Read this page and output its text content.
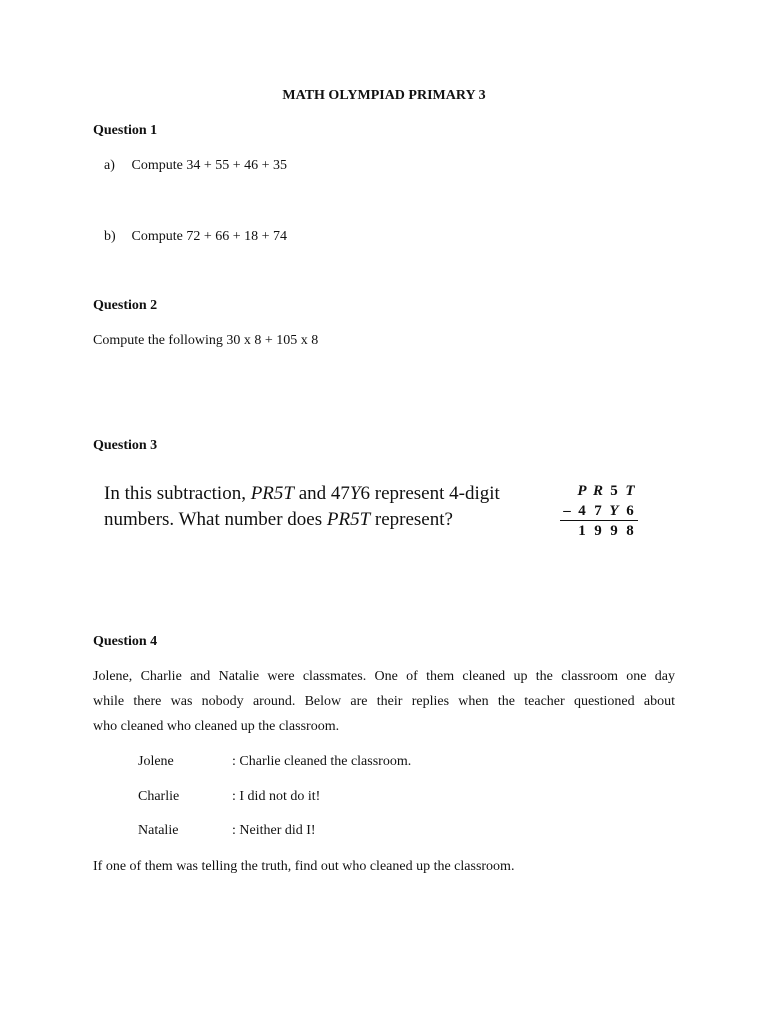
MATH OLYMPIAD PRIMARY 3
Question 1
a) Compute 34 + 55 + 46 + 35
b) Compute 72 + 66 + 18 + 74
Question 2
Compute the following 30 x 8 + 105 x 8
Question 3
In this subtraction, PR5T and 47Y6 represent 4-digit
numbers. What number does PR5T represent?
P R 5 T
– 4 7 Y 6
1 9 9 8
Question 4
Jolene, Charlie and Natalie were classmates. One of them cleaned up the classroom one day
while there was nobody around. Below are their replies when the teacher questioned about
who cleaned who cleaned up the classroom.
Jolene	: Charlie cleaned the classroom.
Charlie	: I did not do it!
Natalie	: Neither did I!
If one of them was telling the truth, find out who cleaned up the classroom.
